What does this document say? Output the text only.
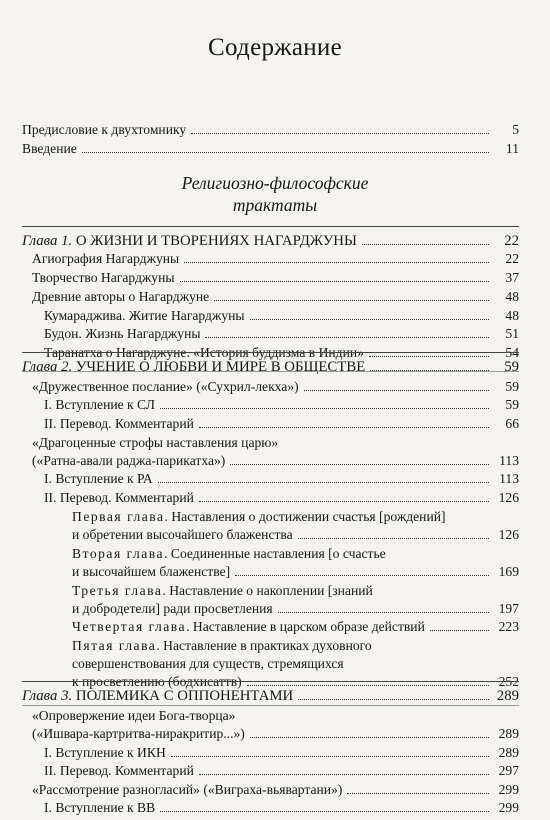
Содержание
Религиозно-философские
трактаты
Предисловие к двухтомнику	5
Введение	11
Глава 1. О ЖИЗНИ И ТВОРЕНИЯХ НАГАРДЖУНЫ	22
Агиография Нагарджуны	22
Творчество Нагарджуны	37
Древние авторы о Нагарджуне	48
Кумарадживa. Житие Нагарджуны	48
Будон. Жизнь Нагарджуны	51
Таранатха о Нагарджуне. «История буддизма в Индии»	54
Глава 2. УЧЕНИЕ О ЛЮБВИ И МИРЕ В ОБЩЕСТВЕ	59
«Дружественное послание» («Сухрил-лекха»)	59
I. Вступление к СЛ	59
II. Перевод. Комментарий	66
«Драгоценные строфы наставления царю»
(«Ратна-авали раджа-парикатха»)	113
I. Вступление к РА	113
II. Перевод. Комментарий	126
Первая глава . Наставления о достижении счастья [рождений]
и обретении высочайшего блаженства	126
Вторая глава . Соединенные наставления [о счастье
и высочайшем блаженстве]	169
Третья глава . Наставление о накоплении [знаний
и добродетели] ради просветления	197
Четвертая глава. Наставление в царском образе действий	223
Пятая глава . Наставление в практиках духовного
совершенствования для существ, стремящихся
к просветлению (бодхисаттв)	252
Глава 3. ПОЛЕМИКА С ОППОНЕНТАМИ	289
«Опровержение идеи Бога-творца»
(«Ишвара-картритва-ниракритир...»)	289
I. Вступление к ИКН	289
II. Перевод. Комментарий	297
«Рассмотрение разногласий» («Виграха-вьявартани»)	299
I. Вступление к ВВ	299
